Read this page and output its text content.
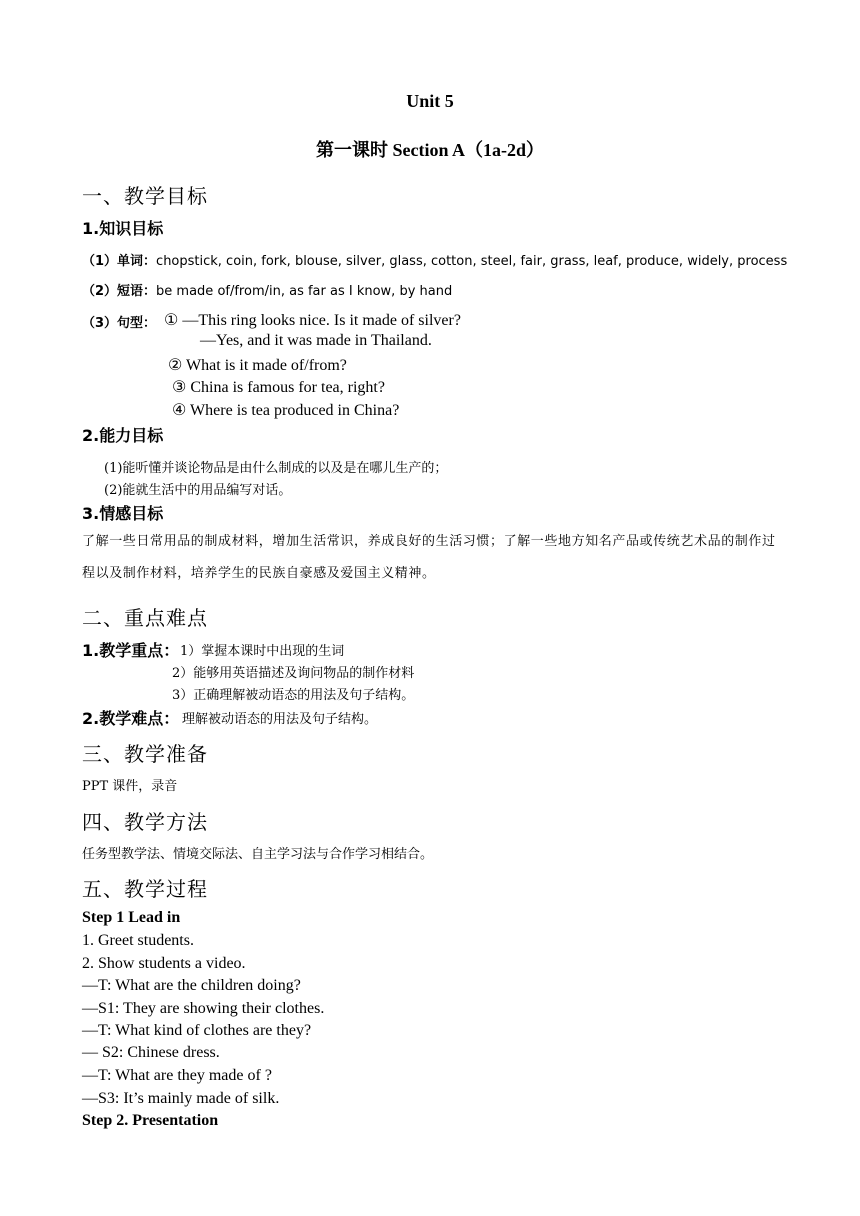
Unit 5
第一课时 Section A（1a-2d）
一、教学目标
1.知识目标
（1）单词：chopstick, coin, fork, blouse, silver, glass, cotton, steel, fair, grass, leaf, produce, widely, process
（2）短语：be made of/from/in, as far as I know, by hand
（3）句型： ① —This ring looks nice. Is it made of silver?
—Yes, and it was made in Thailand.
② What is it made of/from?
③ China is famous for tea, right?
④ Where is tea produced in China?
2.能力目标
(1)能听懂并谈论物品是由什么制成的以及是在哪儿生产的；
(2)能就生活中的用品编写对话。
3.情感目标
了解一些日常用品的制成材料，增加生活常识，养成良好的生活习惯；了解一些地方知名产品或传统艺术品的制作过程以及制作材料，培养学生的民族自豪感及爱国主义精神。
二、重点难点
1.教学重点： 1）掌握本课时中出现的生词
2）能够用英语描述及询问物品的制作材料
3）正确理解被动语态的用法及句子结构。
2.教学难点： 理解被动语态的用法及句子结构。
三、教学准备
PPT 课件，录音
四、教学方法
任务型教学法、情境交际法、自主学习法与合作学习相结合。
五、教学过程
Step 1 Lead in
1. Greet students.
2. Show students a video.
—T: What are the children doing?
—S1: They are showing their clothes.
—T: What kind of clothes are they?
— S2: Chinese dress.
—T: What are they made of ?
—S3: It’s mainly made of silk.
Step 2. Presentation
